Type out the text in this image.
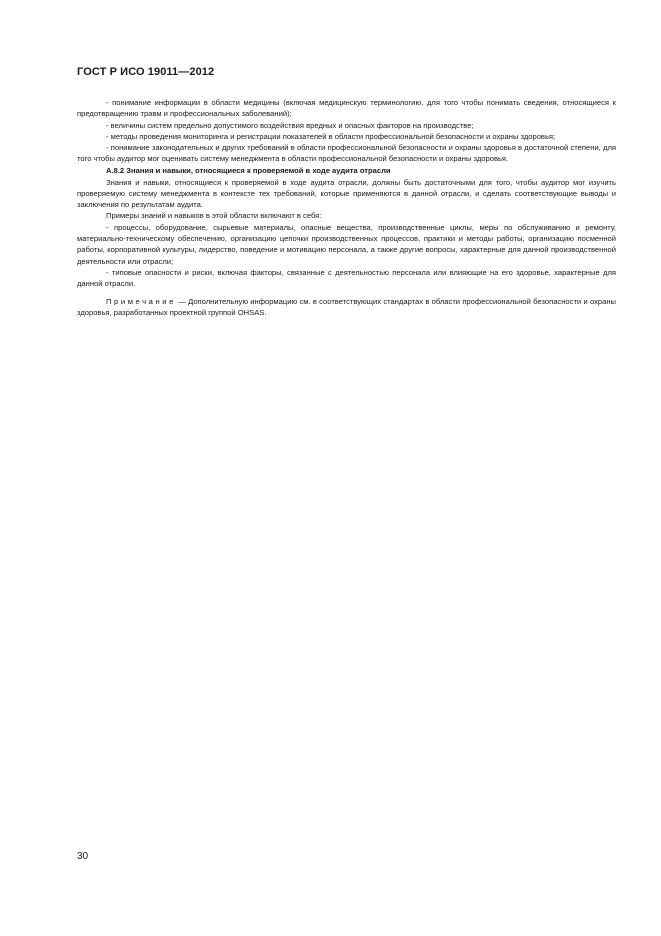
ГОСТ Р ИСО 19011—2012

- понимание информации в области медицины (включая медицинскую терминологию, для того чтобы понимать сведения, относящиеся к предотвращению травм и профессиональных заболеваний);

- величины систем предельно допустимого воздействия вредных и опасных факторов на производстве;

- методы проведения мониторинга и регистрации показателей в области профессиональной безопасности и охраны здоровья;

- понимание законодательных и других требований в области профессиональной безопасности и охраны здоровья в достаточной степени, для того чтобы аудитор мог оценивать систему менеджмента в области профессиональной безопасности и охраны здоровья.

А.8.2 Знания и навыки, относящиеся к проверяемой в ходе аудита отрасли

Знания и навыки, относящиеся к проверяемой в ходе аудита отрасли, должны быть достаточными для того, чтобы аудитор мог изучить проверяемую систему менеджмента в контексте тех требований, которые применяются в данной отрасли, и сделать соответствующие выводы и заключения по результатам аудита.

Примеры знаний и навыков в этой области включают в себя:

- процессы, оборудование, сырьевые материалы, опасные вещества, производственные циклы, меры по обслуживанию и ремонту, материально-техническому обеспечению, организацию цепочки производственных процессов, практики и методы работы, организацию посменной работы, корпоративной культуры, лидерство, поведение и мотивацию персонала, а также другие вопросы, характерные для данной производственной деятельности или отрасли;

- типовые опасности и риски, включая факторы, связанные с деятельностью персонала или влияющие на его здоровье, характерные для данной отрасли.

Примечание — Дополнительную информацию см. в соответствующих стандартах в области профессиональной безопасности и охраны здоровья, разработанных проектной группой OHSAS.

30
